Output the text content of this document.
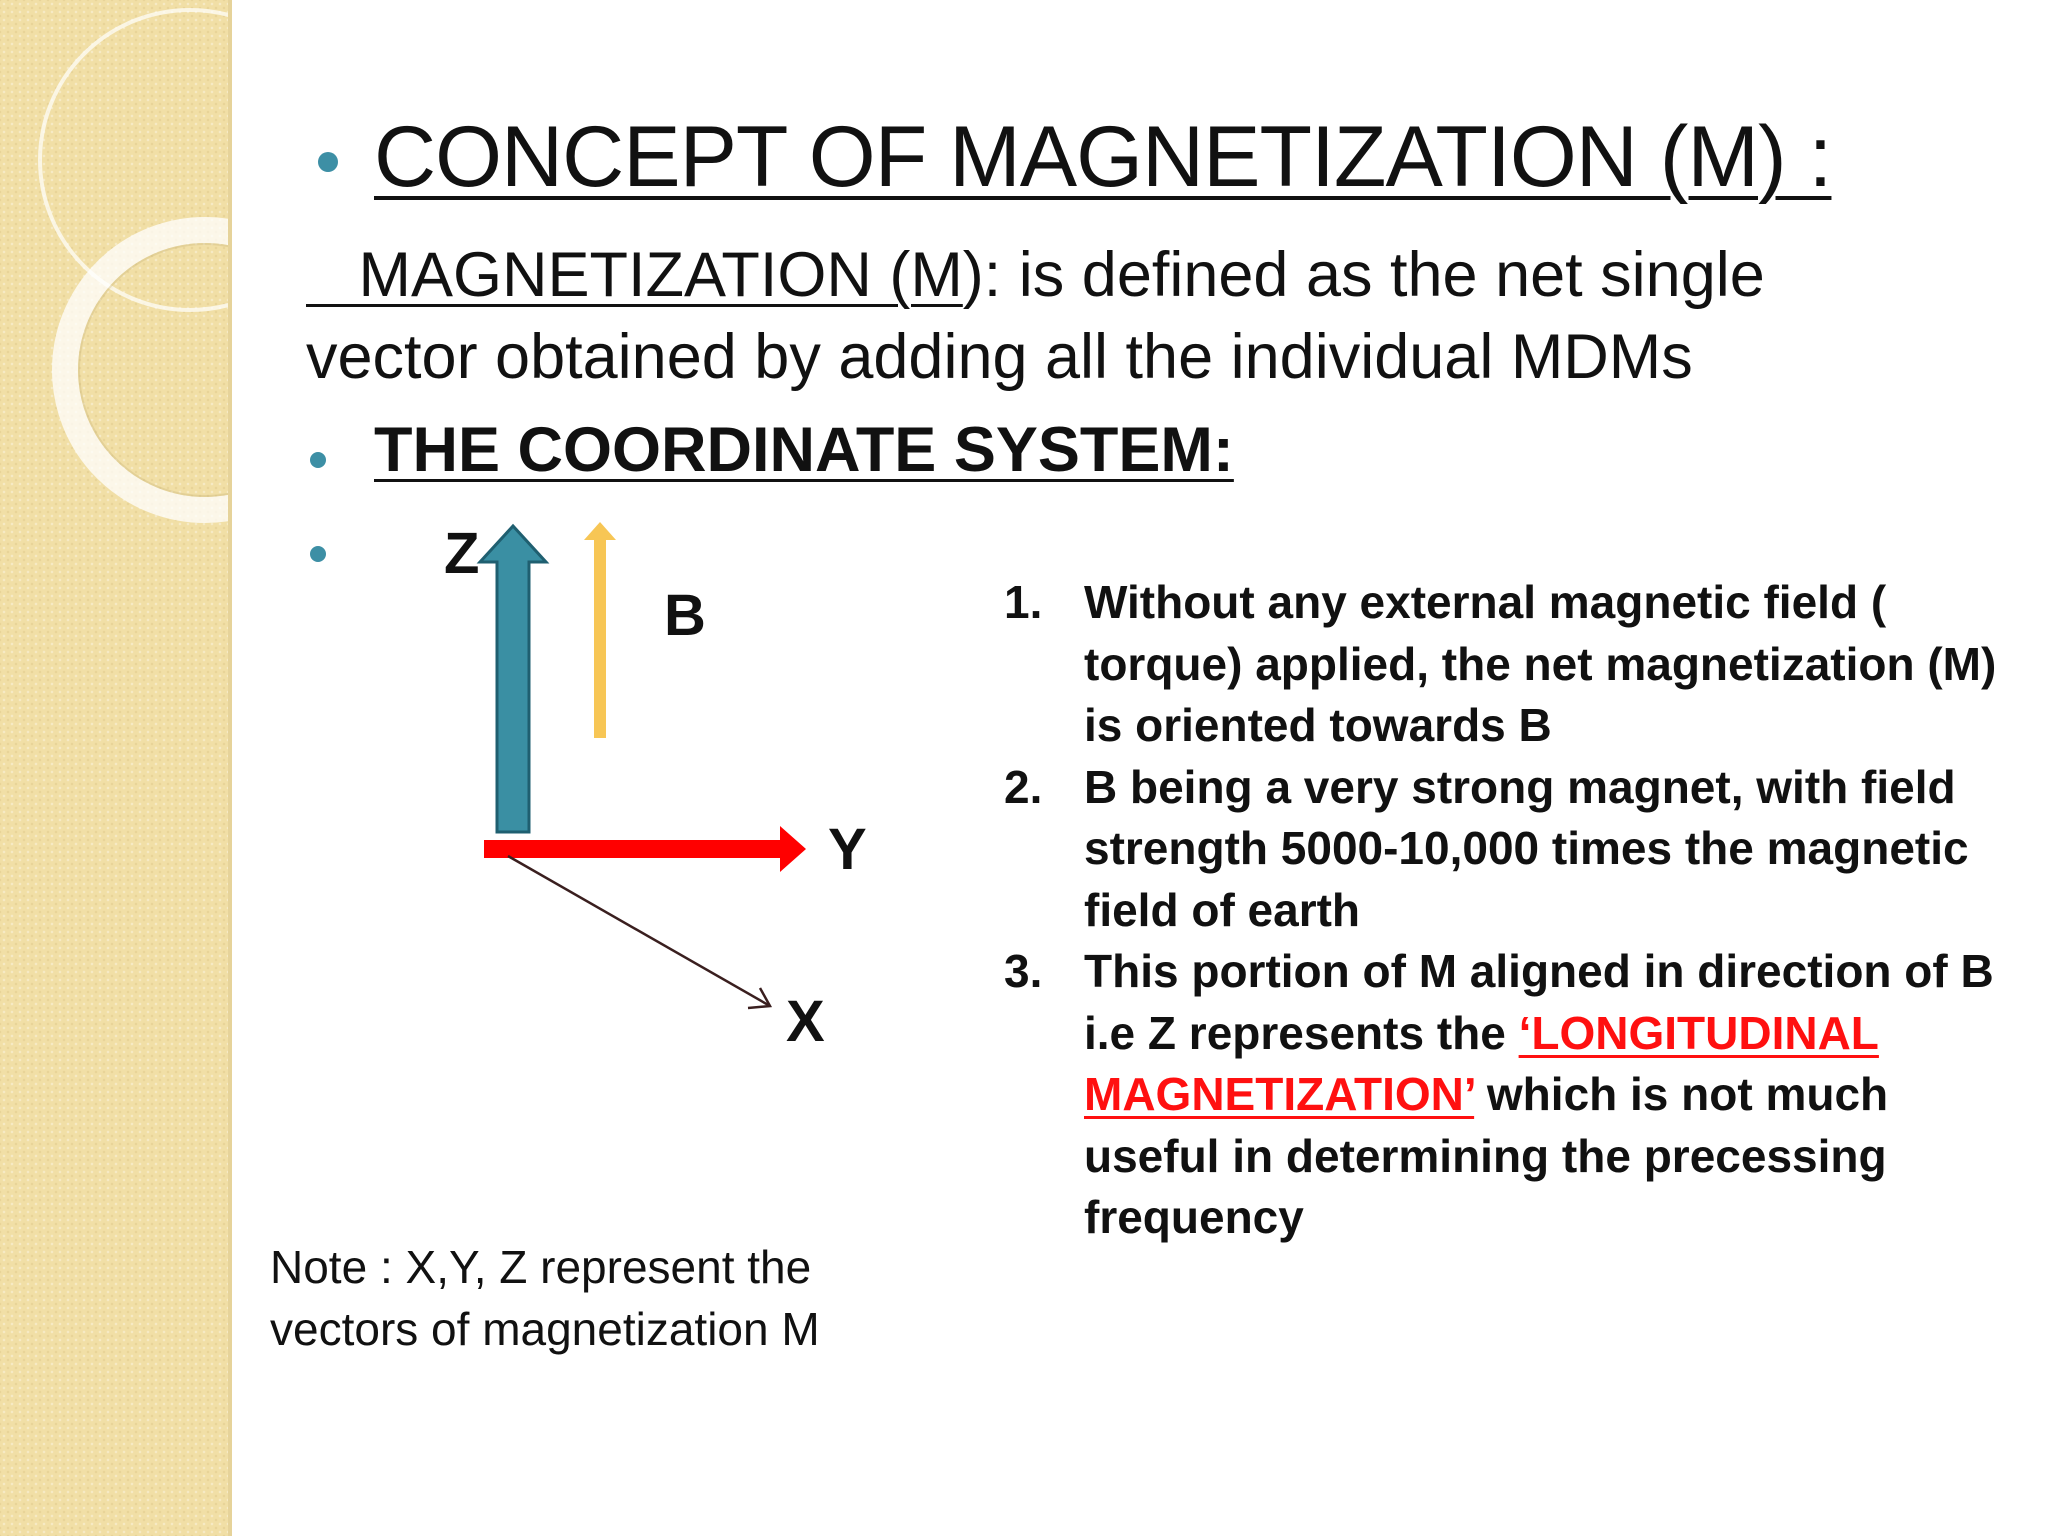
CONCEPT OF MAGNETIZATION (M) :

MAGNETIZATION (M): is defined as the net single
vector obtained by adding all the individual MDMs

THE COORDINATE SYSTEM:
Z
B
Y
X

Note : X,Y, Z represent the
vectors of magnetization M

1. Without any external magnetic field ( torque) applied, the net magnetization (M) is oriented towards B
2. B being a very strong magnet, with field strength 5000-10,000 times the magnetic field of earth
3. This portion of M aligned in direction of B i.e Z represents the ‘LONGITUDINAL MAGNETIZATION’ which is not much useful in determining the precessing frequency
